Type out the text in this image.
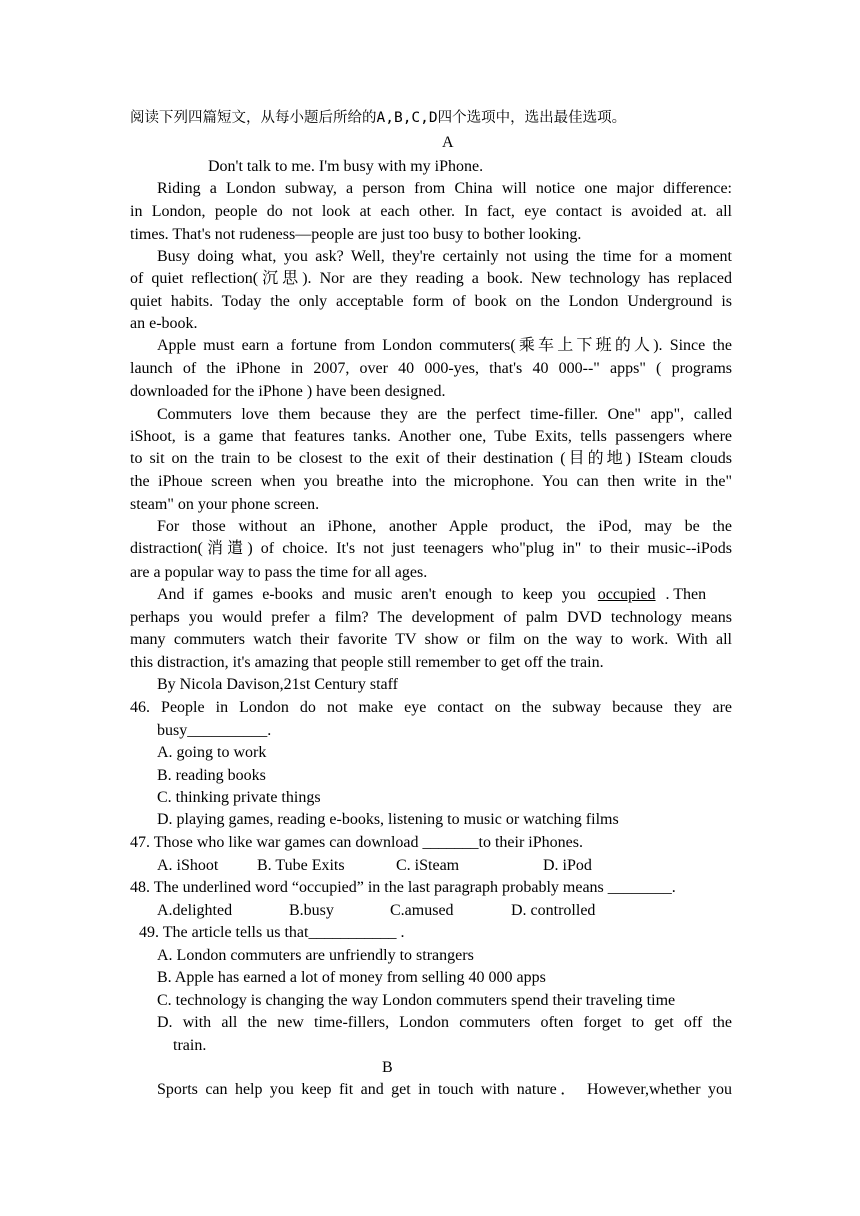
阅读下列四篇短文，从每小题后所给的A,B,C,D四个选项中，选出最佳选项。
A
Don't talk to me. I'm busy with my iPhone.
Riding a London subway, a person from China will notice one major difference:
in London, people do not look at each other. In fact, eye contact is avoided at. all
times. That's not rudeness—people are just too busy to bother looking.
Busy doing what, you ask? Well, they're certainly not using the time for a moment
of quiet reflection(沉思). Nor are they reading a book. New technology has replaced
quiet habits. Today the only acceptable form of book on the London Underground is
an e-book.
Apple must earn a fortune from London commuters(乘车上下班的人). Since the
launch of the iPhone in 2007, over 40 000-yes, that's 40 000--" apps" ( programs
downloaded for the iPhone ) have been designed.
Commuters love them because they are the perfect time-filler. One" app", called
iShoot, is a game that features tanks. Another one, Tube Exits, tells passengers where
to sit on the train to be closest to the exit of their destination (目的地) ISteam clouds
the iPhoue screen when you breathe into the microphone. You can then write in the"
steam" on your phone screen.
For those without an iPhone, another Apple product, the iPod, may be the
distraction(消遣) of choice. It's not just teenagers who"plug in" to their music--iPods
are a popular way to pass the time for all ages.
And if games e-books and music aren't enough to keep you occupied . Then
perhaps you would prefer a film? The development of palm DVD technology means
many commuters watch their favorite TV show or film on the way to work. With all
this distraction, it's amazing that people still remember to get off the train.
By Nicola Davison,21st Century staff
46. People in London do not make eye contact on the subway because they are
busy__________.
A. going to work
B. reading books
C. thinking private things
D. playing games, reading e-books, listening to music or watching films
47. Those who like war games can download _______to their iPhones.
A. iShoot B. Tube Exits	C. iSteam	D. iPod
48. The underlined word “occupied” in the last paragraph probably means ________.
A.delighted	B.busy	C.amused	D. controlled
49. The article tells us that___________ .
A. London commuters are unfriendly to strangers
B. Apple has earned a lot of money from selling 40 000 apps
C. technology is changing the way London commuters spend their traveling time
D. with all the new time-fillers, London commuters often forget to get off the
train.
B
Sports can help you keep fit and get in touch with nature． However,whether you
